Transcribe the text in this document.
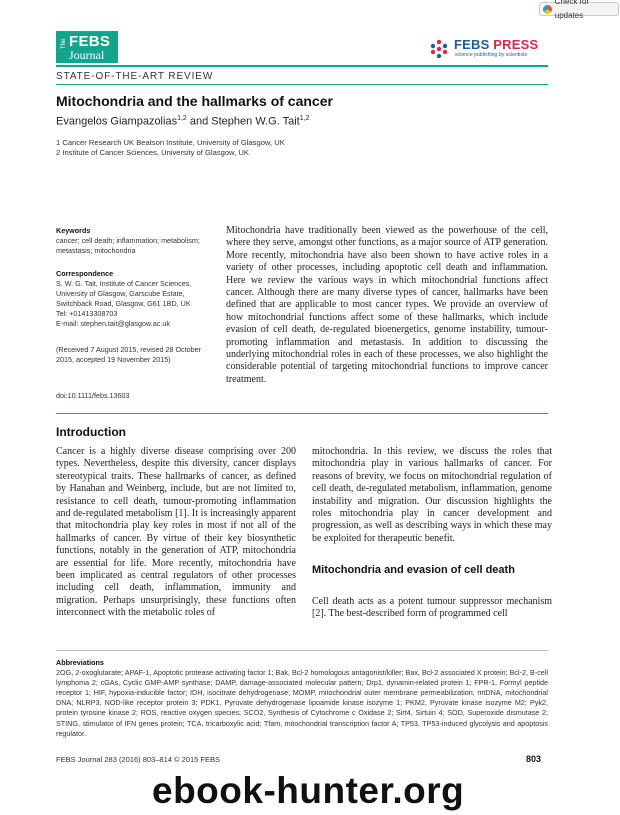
Check for updates
The FEBS
Journal
FEBS PRESS
science publishing by scientists
STATE-OF-THE-ART REVIEW
Mitochondria and the hallmarks of cancer
Evangelos Giampazolias$^{1,2}$ and Stephen W.G. Tait$^{1,2}$
1 Cancer Research UK Beatson Institute, University of Glasgow, UK
2 Institute of Cancer Sciences, University of Glasgow, UK
Keywords
cancer; cell death; inflammation; metabolism; metastasis; mitochondria
Correspondence
S. W. G. Tait, Institute of Cancer Sciences,
University of Glasgow, Garscube Estate,
Switchback Road, Glasgow, G61 1BD, UK
Tel: +01413308703
E-mail: stephen.tait@glasgow.ac.uk
(Received 7 August 2015, revised 28 October 2015, accepted 19 November 2015)
doi:10.1111/febs.13603
Mitochondria have traditionally been viewed as the powerhouse of the cell, where they serve, amongst other functions, as a major source of ATP generation. More recently, mitochondria have also been shown to have active roles in a variety of other processes, including apoptotic cell death and inflammation. Here we review the various ways in which mitochondrial functions affect cancer. Although there are many diverse types of cancer, hallmarks have been defined that are applicable to most cancer types. We provide an overview of how mitochondrial functions affect some of these hallmarks, which include evasion of cell death, de-regulated bioenergetics, genome instability, tumour-promoting inflammation and metastasis. In addition to discussing the underlying mitochondrial roles in each of these processes, we also highlight the considerable potential of targeting mitochondrial functions to improve cancer treatment.
Introduction
Cancer is a highly diverse disease comprising over 200 types. Nevertheless, despite this diversity, cancer displays stereotypical traits. These hallmarks of cancer, as defined by Hanahan and Weinberg, include, but are not limited to, resistance to cell death, tumour-promoting inflammation and de-regulated metabolism [1]. It is increasingly apparent that mitochondria play key roles in most if not all of the hallmarks of cancer. By virtue of their key biosynthetic functions, notably in the generation of ATP, mitochondria are essential for life. More recently, mitochondria have been implicated as central regulators of other processes including cell death, inflammation, immunity and migration. Perhaps unsurprisingly, these functions often interconnect with the metabolic roles of
mitochondria. In this review, we discuss the roles that mitochondria play in various hallmarks of cancer. For reasons of brevity, we focus on mitochondrial regulation of cell death, de-regulated metabolism, inflammation, genome instability and migration. Our discussion highlights the roles mitochondria play in cancer development and progression, as well as describing ways in which these may be exploited for therapeutic benefit.
Mitochondria and evasion of cell death
Cell death acts as a potent tumour suppressor mechanism [2]. The best-described form of programmed cell
Abbreviations
2OG, 2-oxoglutarate; APAF-1, Apoptotic protease activating factor 1; Bak, Bcl-2 homologous antagonist/killer; Bax, Bcl-2 associated X protein; Bcl-2, B-cell lymphoma 2; cGAs, Cyclic GMP-AMP synthase; DAMP, damage-associated molecular pattern; Drp1, dynamin-related protein 1; FPR-1, Formyl peptide receptor 1; HIF, hypoxia-inducible factor; IDH, isocitrate dehydrogenase; MOMP, mitochondrial outer membrane permeabilization; mtDNA, mitochondrial DNA; NLRP3, NOD-like receptor protein 3; PDK1, Pyruvate dehydrogenase lipoamide kinase isozyme 1; PKM2, Pyruvate kinase isozyme M2; Pyk2, protein tyrosine kinase 2; ROS, reactive oxygen species; SCO2, Synthesis of Cytochrome c Oxidase 2; Sirt4, Sirtuin 4; SOD, Superoxide dismutase 2; STING, stimulator of IFN genes protein; TCA, tricarboxylic acid; Tfam, mitochondrial transcription factor A; TP53, TP53-induced glycolysis and apoptosis regulator.
FEBS Journal 283 (2016) 803–814 © 2015 FEBS	803
ebook-hunter.org
